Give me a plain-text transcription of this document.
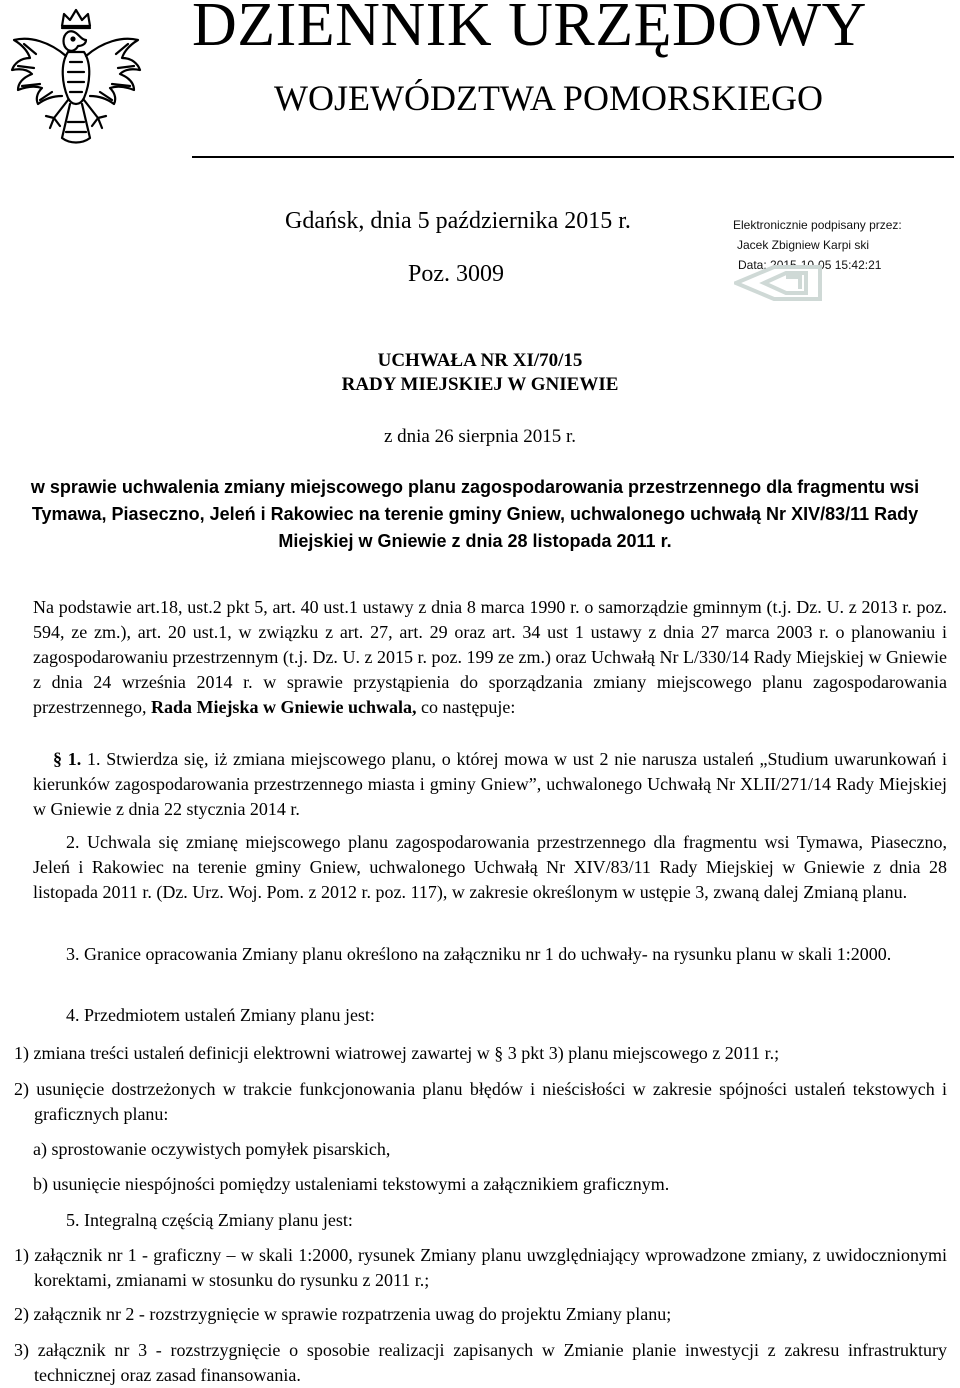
DZIENNIK URZĘDOWY
WOJEWÓDZTWA POMORSKIEGO
Gdańsk, dnia 5 października 2015 r.
Poz. 3009
Elektronicznie podpisany przez:
Jacek Zbigniew Karpi ski
Data: 2015-10-05 15:42:21
UCHWAŁA NR XI/70/15
RADY MIEJSKIEJ W GNIEWIE
z dnia 26 sierpnia 2015 r.
w sprawie uchwalenia zmiany miejscowego planu zagospodarowania przestrzennego dla fragmentu wsi Tymawa, Piaseczno, Jeleń i Rakowiec na terenie gminy Gniew, uchwalonego uchwałą Nr XIV/83/11 Rady Miejskiej w Gniewie z dnia 28 listopada 2011 r.
Na podstawie art.18, ust.2 pkt 5, art. 40 ust.1 ustawy z dnia 8 marca 1990 r. o samorządzie gminnym (t.j. Dz. U. z 2013 r. poz. 594, ze zm.), art. 20 ust.1, w związku z art. 27, art. 29 oraz art. 34 ust 1 ustawy z dnia 27 marca 2003 r. o planowaniu i zagospodarowaniu przestrzennym (t.j. Dz. U. z 2015 r. poz. 199 ze zm.) oraz Uchwałą Nr L/330/14 Rady Miejskiej w Gniewie z dnia 24 września 2014 r. w sprawie przystąpienia do sporządzania zmiany miejscowego planu zagospodarowania przestrzennego, Rada Miejska w Gniewie uchwala, co następuje:
§ 1. 1. Stwierdza się, iż zmiana miejscowego planu, o której mowa w ust 2 nie narusza ustaleń „Studium uwarunkowań i kierunków zagospodarowania przestrzennego miasta i gminy Gniew”, uchwalonego Uchwałą Nr XLII/271/14 Rady Miejskiej w Gniewie z dnia 22 stycznia 2014 r.
2. Uchwala się zmianę miejscowego planu zagospodarowania przestrzennego dla fragmentu wsi Tymawa, Piaseczno, Jeleń i Rakowiec na terenie gminy Gniew, uchwalonego Uchwałą Nr XIV/83/11 Rady Miejskiej w Gniewie z dnia 28 listopada 2011 r. (Dz. Urz. Woj. Pom. z 2012 r. poz. 117), w zakresie określonym w ustępie 3, zwaną dalej Zmianą planu.
3. Granice opracowania Zmiany planu określono na załączniku nr 1 do uchwały- na rysunku planu w skali 1:2000.
4. Przedmiotem ustaleń Zmiany planu jest:
1) zmiana treści ustaleń definicji elektrowni wiatrowej zawartej w § 3 pkt 3) planu miejscowego z 2011 r.;
2) usunięcie dostrzeżonych w trakcie funkcjonowania planu błędów i nieścisłości w zakresie spójności ustaleń tekstowych i graficznych planu:
a) sprostowanie oczywistych pomyłek pisarskich,
b) usunięcie niespójności pomiędzy ustaleniami tekstowymi a załącznikiem graficznym.
5. Integralną częścią Zmiany planu jest:
1) załącznik nr 1 - graficzny – w skali 1:2000, rysunek Zmiany planu uwzględniający wprowadzone zmiany, z uwidocznionymi korektami, zmianami w stosunku do rysunku z 2011 r.;
2) załącznik nr 2 - rozstrzygnięcie w sprawie rozpatrzenia uwag do projektu Zmiany planu;
3) załącznik nr 3 - rozstrzygnięcie o sposobie realizacji zapisanych w Zmianie planie inwestycji z zakresu infrastruktury technicznej oraz zasad finansowania.
